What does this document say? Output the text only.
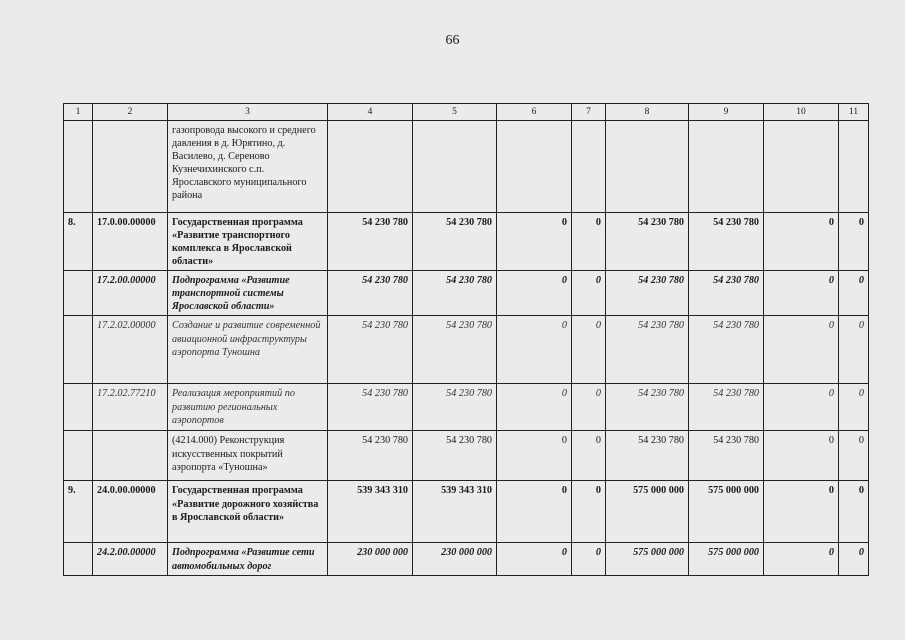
66
1	2	3	4	5	6	7	8	9	10	11
		газопровода высокого и среднего давления в д. Юрятино, д. Василево, д. Сереново Кузнечихинского с.п. Ярославского муниципального района								
8.	17.0.00.00000	Государственная программа «Развитие транспортного комплекса в Ярославской области»	54 230 780	54 230 780	0	0	54 230 780	54 230 780	0	0
	17.2.00.00000	Подпрограмма «Развитие транспортной системы Ярославской области»	54 230 780	54 230 780	0	0	54 230 780	54 230 780	0	0
	17.2.02.00000	Создание и развитие современной авиационной инфраструктуры аэропорта Туношна	54 230 780	54 230 780	0	0	54 230 780	54 230 780	0	0
	17.2.02.77210	Реализация мероприятий по развитию региональных аэропортов	54 230 780	54 230 780	0	0	54 230 780	54 230 780	0	0
		(4214.000) Реконструкция искусственных покрытий аэропорта «Туношна»	54 230 780	54 230 780	0	0	54 230 780	54 230 780	0	0
9.	24.0.00.00000	Государственная программа «Развитие дорожного хозяйства в Ярославской области»	539 343 310	539 343 310	0	0	575 000 000	575 000 000	0	0
	24.2.00.00000	Подпрограмма «Развитие сети автомобильных дорог	230 000 000	230 000 000	0	0	575 000 000	575 000 000	0	0
